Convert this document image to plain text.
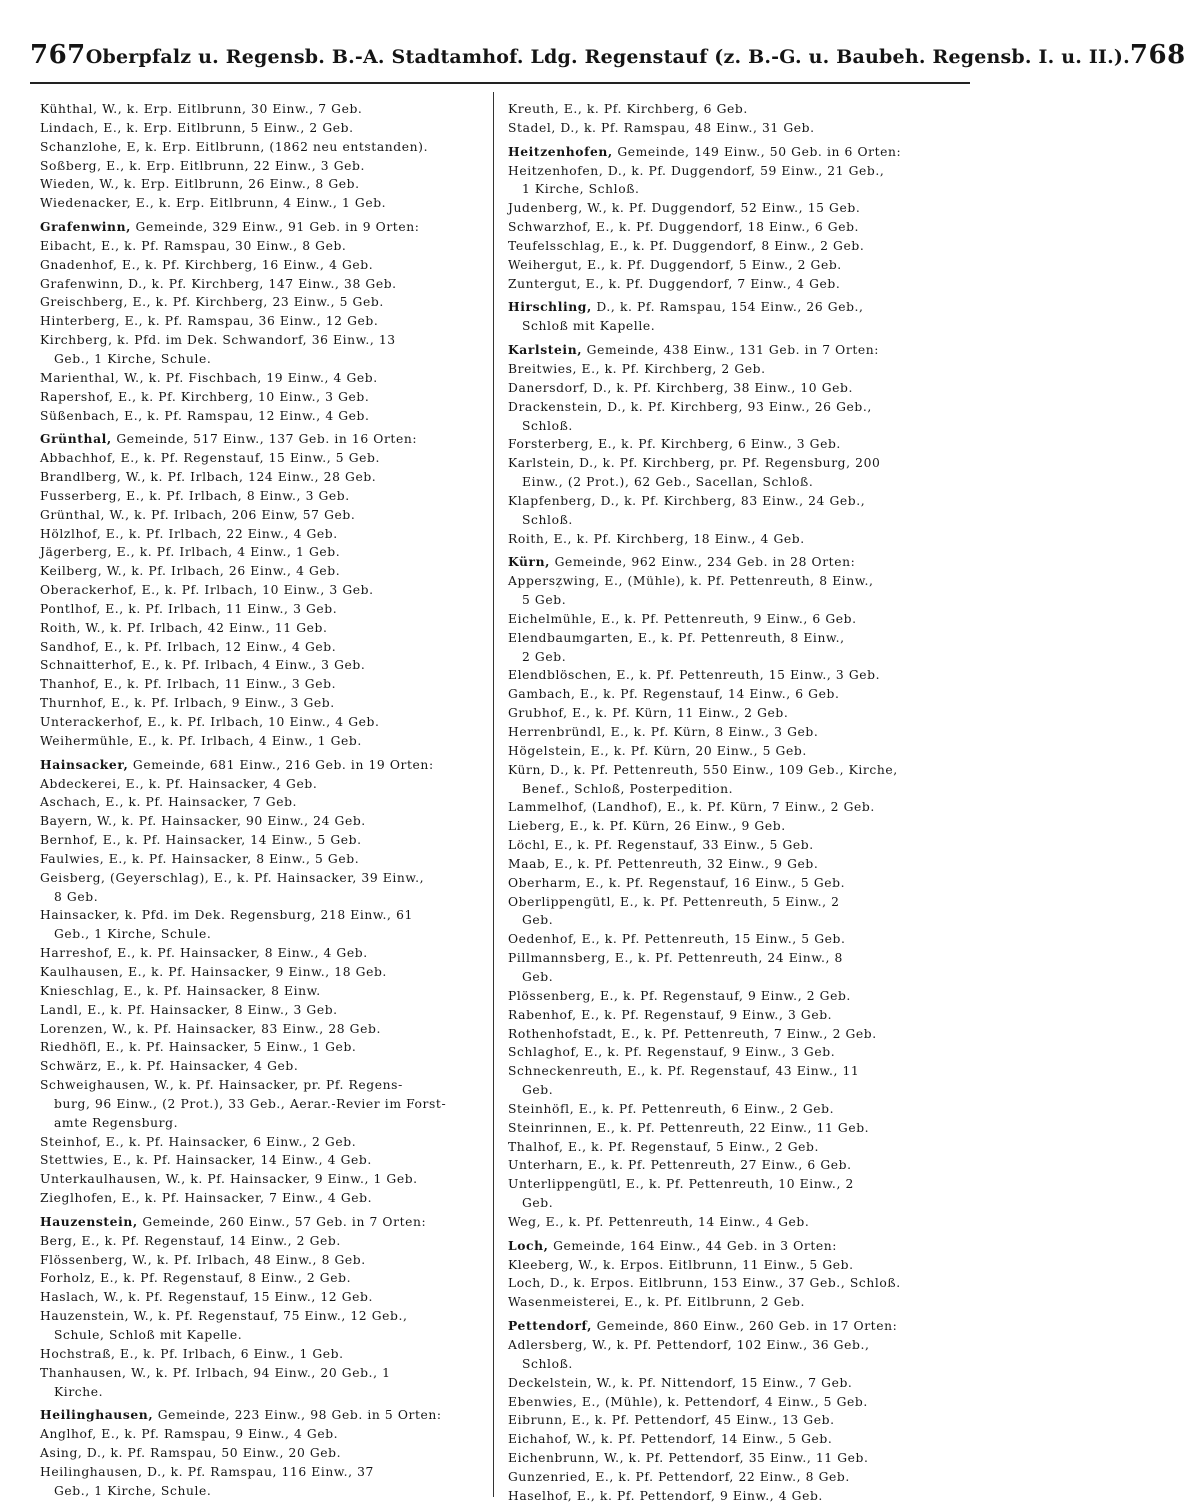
767 Oberpfalz u. Regensb. B.-A. Stadtamhof. Ldg. Regenstauf (z. B.-G. u. Baubeh. Regensb. I. u. II.). 768
Kühthal, W., k. Erp. Eitlbrunn, 30 Einw., 7 Geb.
Lindach, E., k. Erp. Eitlbrunn, 5 Einw., 2 Geb.
Schanzlohe, E, k. Erp. Eitlbrunn, (1862 neu entstanden).
Soßberg, E., k. Erp. Eitlbrunn, 22 Einw., 3 Geb.
Wieden, W., k. Erp. Eitlbrunn, 26 Einw., 8 Geb.
Wiedenacker, E., k. Erp. Eitlbrunn, 4 Einw., 1 Geb.
Grafenwinn, Gemeinde, 329 Einw., 91 Geb. in 9 Orten:
Eibacht, E., k. Pf. Ramspau, 30 Einw., 8 Geb.
Gnadenhof, E., k. Pf. Kirchberg, 16 Einw., 4 Geb.
Grafenwinn, D., k. Pf. Kirchberg, 147 Einw., 38 Geb.
Greischberg, E., k. Pf. Kirchberg, 23 Einw., 5 Geb.
Hinterberg, E., k. Pf. Ramspau, 36 Einw., 12 Geb.
Kirchberg, k. Pfd. im Dek. Schwandorf, 36 Einw., 13
Geb., 1 Kirche, Schule.
Marienthal, W., k. Pf. Fischbach, 19 Einw., 4 Geb.
Rapershof, E., k. Pf. Kirchberg, 10 Einw., 3 Geb.
Süßenbach, E., k. Pf. Ramspau, 12 Einw., 4 Geb.
Grünthal, Gemeinde, 517 Einw., 137 Geb. in 16 Orten:
Abbachhof, E., k. Pf. Regenstauf, 15 Einw., 5 Geb.
Brandlberg, W., k. Pf. Irlbach, 124 Einw., 28 Geb.
Fusserberg, E., k. Pf. Irlbach, 8 Einw., 3 Geb.
Grünthal, W., k. Pf. Irlbach, 206 Einw, 57 Geb.
Hölzlhof, E., k. Pf. Irlbach, 22 Einw., 4 Geb.
Jägerberg, E., k. Pf. Irlbach, 4 Einw., 1 Geb.
Keilberg, W., k. Pf. Irlbach, 26 Einw., 4 Geb.
Oberackerhof, E., k. Pf. Irlbach, 10 Einw., 3 Geb.
Pontlhof, E., k. Pf. Irlbach, 11 Einw., 3 Geb.
Roith, W., k. Pf. Irlbach, 42 Einw., 11 Geb.
Sandhof, E., k. Pf. Irlbach, 12 Einw., 4 Geb.
Schnaitterhof, E., k. Pf. Irlbach, 4 Einw., 3 Geb.
Thanhof, E., k. Pf. Irlbach, 11 Einw., 3 Geb.
Thurnhof, E., k. Pf. Irlbach, 9 Einw., 3 Geb.
Unterackerhof, E., k. Pf. Irlbach, 10 Einw., 4 Geb.
Weihermühle, E., k. Pf. Irlbach, 4 Einw., 1 Geb.
Hainsacker, Gemeinde, 681 Einw., 216 Geb. in 19 Orten:
Abdeckerei, E., k. Pf. Hainsacker, 4 Geb.
Aschach, E., k. Pf. Hainsacker, 7 Geb.
Bayern, W., k. Pf. Hainsacker, 90 Einw., 24 Geb.
Bernhof, E., k. Pf. Hainsacker, 14 Einw., 5 Geb.
Faulwies, E., k. Pf. Hainsacker, 8 Einw., 5 Geb.
Geisberg, (Geyerschlag), E., k. Pf. Hainsacker, 39 Einw.,
8 Geb.
Hainsacker, k. Pfd. im Dek. Regensburg, 218 Einw., 61
Geb., 1 Kirche, Schule.
Harreshof, E., k. Pf. Hainsacker, 8 Einw., 4 Geb.
Kaulhausen, E., k. Pf. Hainsacker, 9 Einw., 18 Geb.
Knieschlag, E., k. Pf. Hainsacker, 8 Einw.
Landl, E., k. Pf. Hainsacker, 8 Einw., 3 Geb.
Lorenzen, W., k. Pf. Hainsacker, 83 Einw., 28 Geb.
Riedhöfl, E., k. Pf. Hainsacker, 5 Einw., 1 Geb.
Schwärz, E., k. Pf. Hainsacker, 4 Geb.
Schweighausen, W., k. Pf. Hainsacker, pr. Pf. Regens-
burg, 96 Einw., (2 Prot.), 33 Geb., Aerar.-Revier im Forst-
amte Regensburg.
Steinhof, E., k. Pf. Hainsacker, 6 Einw., 2 Geb.
Stettwies, E., k. Pf. Hainsacker, 14 Einw., 4 Geb.
Unterkaulhausen, W., k. Pf. Hainsacker, 9 Einw., 1 Geb.
Zieglhofen, E., k. Pf. Hainsacker, 7 Einw., 4 Geb.
Hauzenstein, Gemeinde, 260 Einw., 57 Geb. in 7 Orten:
Berg, E., k. Pf. Regenstauf, 14 Einw., 2 Geb.
Flössenberg, W., k. Pf. Irlbach, 48 Einw., 8 Geb.
Forholz, E., k. Pf. Regenstauf, 8 Einw., 2 Geb.
Haslach, W., k. Pf. Regenstauf, 15 Einw., 12 Geb.
Hauzenstein, W., k. Pf. Regenstauf, 75 Einw., 12 Geb.,
Schule, Schloß mit Kapelle.
Hochstraß, E., k. Pf. Irlbach, 6 Einw., 1 Geb.
Thanhausen, W., k. Pf. Irlbach, 94 Einw., 20 Geb., 1
Kirche.
Heilinghausen, Gemeinde, 223 Einw., 98 Geb. in 5 Orten:
Anglhof, E., k. Pf. Ramspau, 9 Einw., 4 Geb.
Asing, D., k. Pf. Ramspau, 50 Einw., 20 Geb.
Heilinghausen, D., k. Pf. Ramspau, 116 Einw., 37
Geb., 1 Kirche, Schule.
Kreuth, E., k. Pf. Kirchberg, 6 Geb.
Stadel, D., k. Pf. Ramspau, 48 Einw., 31 Geb.
Heitzenhofen, Gemeinde, 149 Einw., 50 Geb. in 6 Orten:
Heitzenhofen, D., k. Pf. Duggendorf, 59 Einw., 21 Geb.,
1 Kirche, Schloß.
Judenberg, W., k. Pf. Duggendorf, 52 Einw., 15 Geb.
Schwarzhof, E., k. Pf. Duggendorf, 18 Einw., 6 Geb.
Teufelsschlag, E., k. Pf. Duggendorf, 8 Einw., 2 Geb.
Weihergut, E., k. Pf. Duggendorf, 5 Einw., 2 Geb.
Zuntergut, E., k. Pf. Duggendorf, 7 Einw., 4 Geb.
Hirschling, D., k. Pf. Ramspau, 154 Einw., 26 Geb.,
Schloß mit Kapelle.
Karlstein, Gemeinde, 438 Einw., 131 Geb. in 7 Orten:
Breitwies, E., k. Pf. Kirchberg, 2 Geb.
Danersdorf, D., k. Pf. Kirchberg, 38 Einw., 10 Geb.
Drackenstein, D., k. Pf. Kirchberg, 93 Einw., 26 Geb.,
Schloß.
Forsterberg, E., k. Pf. Kirchberg, 6 Einw., 3 Geb.
Karlstein, D., k. Pf. Kirchberg, pr. Pf. Regensburg, 200
Einw., (2 Prot.), 62 Geb., Sacellan, Schloß.
Klapfenberg, D., k. Pf. Kirchberg, 83 Einw., 24 Geb.,
Schloß.
Roith, E., k. Pf. Kirchberg, 18 Einw., 4 Geb.
Kürn, Gemeinde, 962 Einw., 234 Geb. in 28 Orten:
Appersẓwing, E., (Mühle), k. Pf. Pettenreuth, 8 Einw.,
5 Geb.
Eichelmühle, E., k. Pf. Pettenreuth, 9 Einw., 6 Geb.
Elendbaumgarten, E., k. Pf. Pettenreuth, 8 Einw.,
2 Geb.
Elendblöschen, E., k. Pf. Pettenreuth, 15 Einw., 3 Geb.
Gambach, E., k. Pf. Regenstauf, 14 Einw., 6 Geb.
Grubhof, E., k. Pf. Kürn, 11 Einw., 2 Geb.
Herrenbründl, E., k. Pf. Kürn, 8 Einw., 3 Geb.
Högelstein, E., k. Pf. Kürn, 20 Einw., 5 Geb.
Kürn, D., k. Pf. Pettenreuth, 550 Einw., 109 Geb., Kirche,
Benef., Schloß, Posterpedition.
Lammelhof, (Landhof), E., k. Pf. Kürn, 7 Einw., 2 Geb.
Lieberg, E., k. Pf. Kürn, 26 Einw., 9 Geb.
Löchl, E., k. Pf. Regenstauf, 33 Einw., 5 Geb.
Maab, E., k. Pf. Pettenreuth, 32 Einw., 9 Geb.
Oberharm, E., k. Pf. Regenstauf, 16 Einw., 5 Geb.
Oberlippengütl, E., k. Pf. Pettenreuth, 5 Einw., 2
Geb.
Oedenhof, E., k. Pf. Pettenreuth, 15 Einw., 5 Geb.
Pillmannsberg, E., k. Pf. Pettenreuth, 24 Einw., 8
Geb.
Plössenberg, E., k. Pf. Regenstauf, 9 Einw., 2 Geb.
Rabenhof, E., k. Pf. Regenstauf, 9 Einw., 3 Geb.
Rothenhofstadt, E., k. Pf. Pettenreuth, 7 Einw., 2 Geb.
Schlaghof, E., k. Pf. Regenstauf, 9 Einw., 3 Geb.
Schneckenreuth, E., k. Pf. Regenstauf, 43 Einw., 11
Geb.
Steinhöfl, E., k. Pf. Pettenreuth, 6 Einw., 2 Geb.
Steinrinnen, E., k. Pf. Pettenreuth, 22 Einw., 11 Geb.
Thalhof, E., k. Pf. Regenstauf, 5 Einw., 2 Geb.
Unterharn, E., k. Pf. Pettenreuth, 27 Einw., 6 Geb.
Unterlippengütl, E., k. Pf. Pettenreuth, 10 Einw., 2
Geb.
Weg, E., k. Pf. Pettenreuth, 14 Einw., 4 Geb.
Loch, Gemeinde, 164 Einw., 44 Geb. in 3 Orten:
Kleeberg, W., k. Erpos. Eitlbrunn, 11 Einw., 5 Geb.
Loch, D., k. Erpos. Eitlbrunn, 153 Einw., 37 Geb., Schloß.
Wasenmeisterei, E., k. Pf. Eitlbrunn, 2 Geb.
Pettendorf, Gemeinde, 860 Einw., 260 Geb. in 17 Orten:
Adlersberg, W., k. Pf. Pettendorf, 102 Einw., 36 Geb.,
Schloß.
Deckelstein, W., k. Pf. Nittendorf, 15 Einw., 7 Geb.
Ebenwies, E., (Mühle), k. Pettendorf, 4 Einw., 5 Geb.
Eibrunn, E., k. Pf. Pettendorf, 45 Einw., 13 Geb.
Eichahof, W., k. Pf. Pettendorf, 14 Einw., 5 Geb.
Eichenbrunn, W., k. Pf. Pettendorf, 35 Einw., 11 Geb.
Gunzenried, E., k. Pf. Pettendorf, 22 Einw., 8 Geb.
Haselhof, E., k. Pf. Pettendorf, 9 Einw., 4 Geb.
